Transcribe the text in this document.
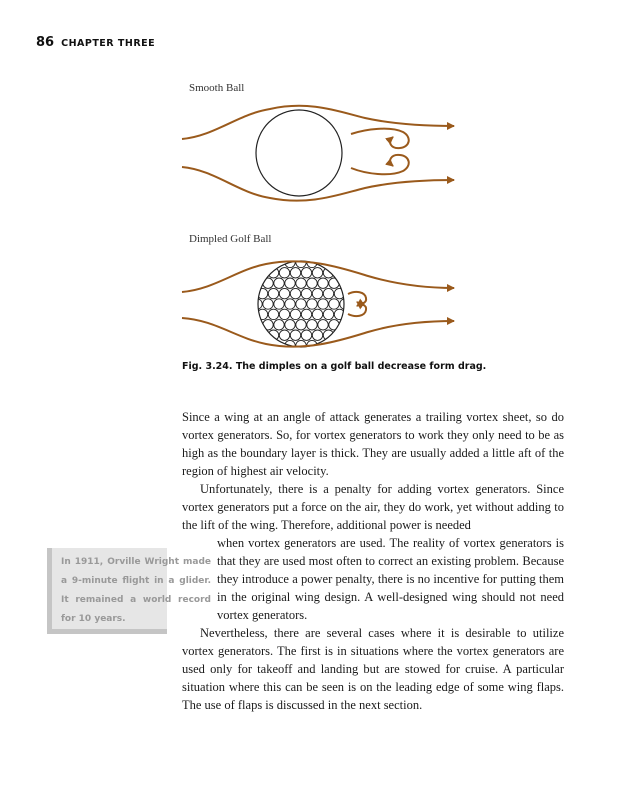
86 CHAPTER THREE
Smooth Ball
Dimpled Golf Ball
Fig. 3.24. The dimples on a golf ball decrease form drag.
In 1911, Orville Wright made a 9-minute flight in a glider. It remained a world record for 10 years.

Since a wing at an angle of attack generates a trailing vortex sheet, so do vortex generators. So, for vortex generators to work they only need to be as high as the boundary layer is thick. They are usually added a little aft of the region of highest air velocity.

Unfortunately, there is a penalty for adding vortex generators. Since vortex generators put a force on the air, they do work, yet without adding to the lift of the wing. Therefore, additional power is needed

when vortex generators are used. The reality of vortex generators is that they are used most often to correct an existing problem. Because they introduce a power penalty, there is no incentive for putting them in the original wing design. A well-designed wing should not need vortex generators.

Nevertheless, there are several cases where it is desirable to utilize vortex generators. The first is in situations where the vortex generators are used only for takeoff and landing but are stowed for cruise. A particular situation where this can be seen is on the leading edge of some wing flaps. The use of flaps is discussed in the next section.
